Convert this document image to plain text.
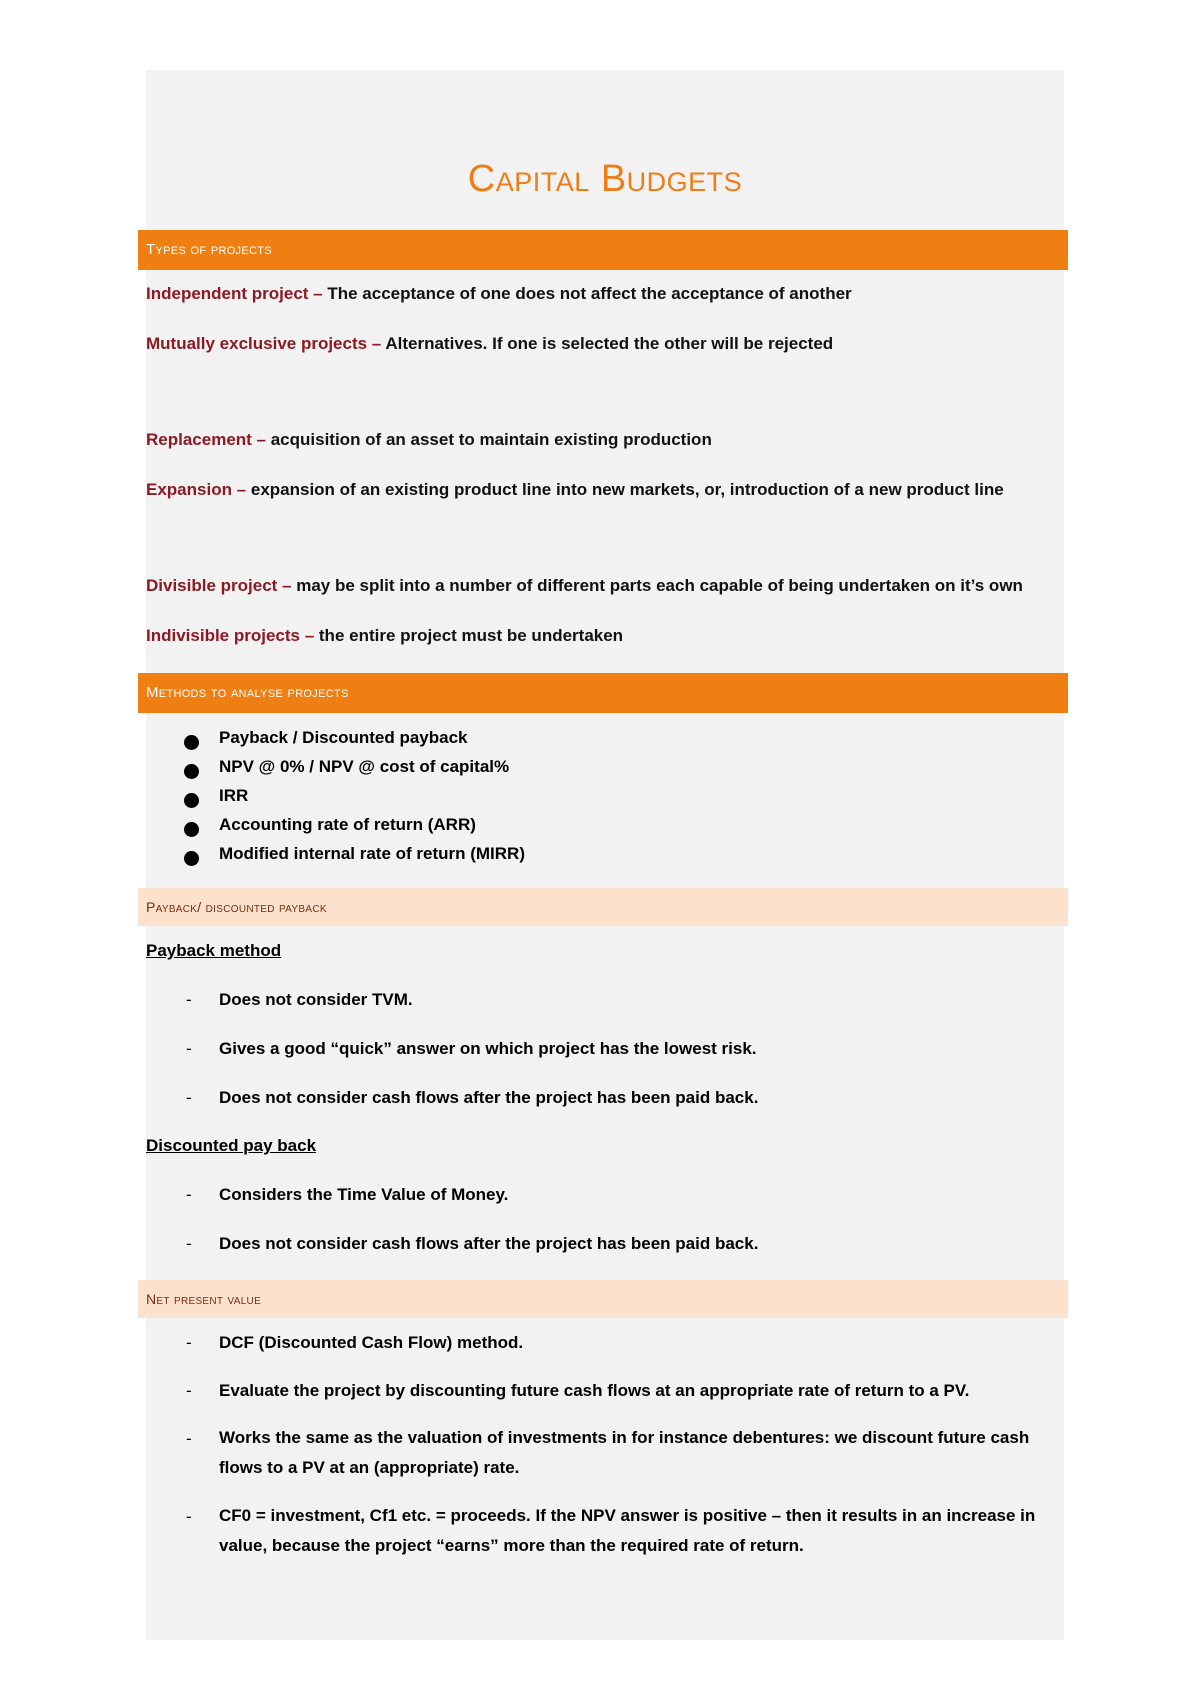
Capital Budgets
Types of projects
Independent project – The acceptance of one does not affect the acceptance of another
Mutually exclusive projects – Alternatives. If one is selected the other will be rejected
Replacement – acquisition of an asset to maintain existing production
Expansion – expansion of an existing product line into new markets, or, introduction of a new product line
Divisible project – may be split into a number of different parts each capable of being undertaken on it’s own
Indivisible projects – the entire project must be undertaken
Methods to analyse projects
Payback / Discounted payback
NPV @ 0% / NPV @ cost of capital%
IRR
Accounting rate of return (ARR)
Modified internal rate of return (MIRR)
Payback/ discounted payback
Payback method
- Does not consider TVM.
- Gives a good “quick” answer on which project has the lowest risk.
- Does not consider cash flows after the project has been paid back.
Discounted pay back
- Considers the Time Value of Money.
- Does not consider cash flows after the project has been paid back.
Net present value
- DCF (Discounted Cash Flow) method.
- Evaluate the project by discounting future cash flows at an appropriate rate of return to a PV.
- Works the same as the valuation of investments in for instance debentures: we discount future cash flows to a PV at an (appropriate) rate.
- CF0 = investment, Cf1 etc. = proceeds. If the NPV answer is positive – then it results in an increase in value, because the project “earns” more than the required rate of return.
